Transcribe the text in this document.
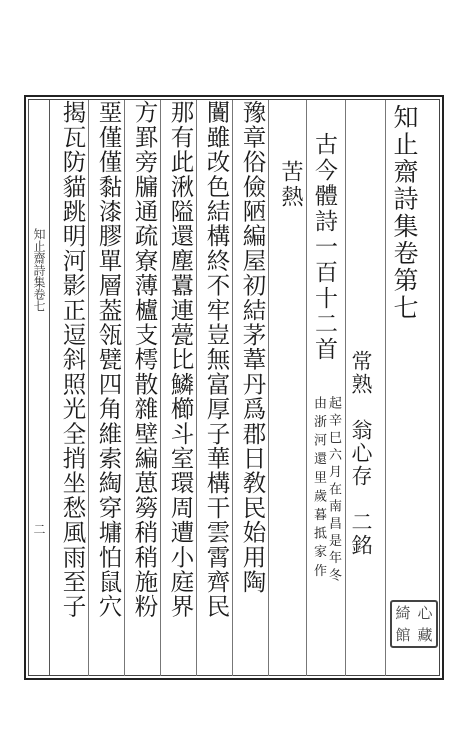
知止齋詩集卷第七
常熟　翁心存　二銘
古今體詩一百十二首
起辛巳六月在南昌是年冬
由浙河還里歲暮抵家作
苦熱
豫章俗儉陋編屋初結茅葦丹爲郡日敎民始用陶
闠雖改色結構終不牢豈無富厚子華構干雲霄齊民
那有此湫隘還塵囂連甍比鱗櫛斗室環周遭小庭界
方罫旁牖通疏寮薄櫨支樗散雜壁編葸簩稍稍施粉
堊僅僅黏漆膠單層葢瓴甓四角維索綯穿墉怕鼠穴
揭瓦防貓跳明河影正逗斜照光全捎坐愁風雨至子
知止齋詩集卷七
二
綺 心
館 藏
